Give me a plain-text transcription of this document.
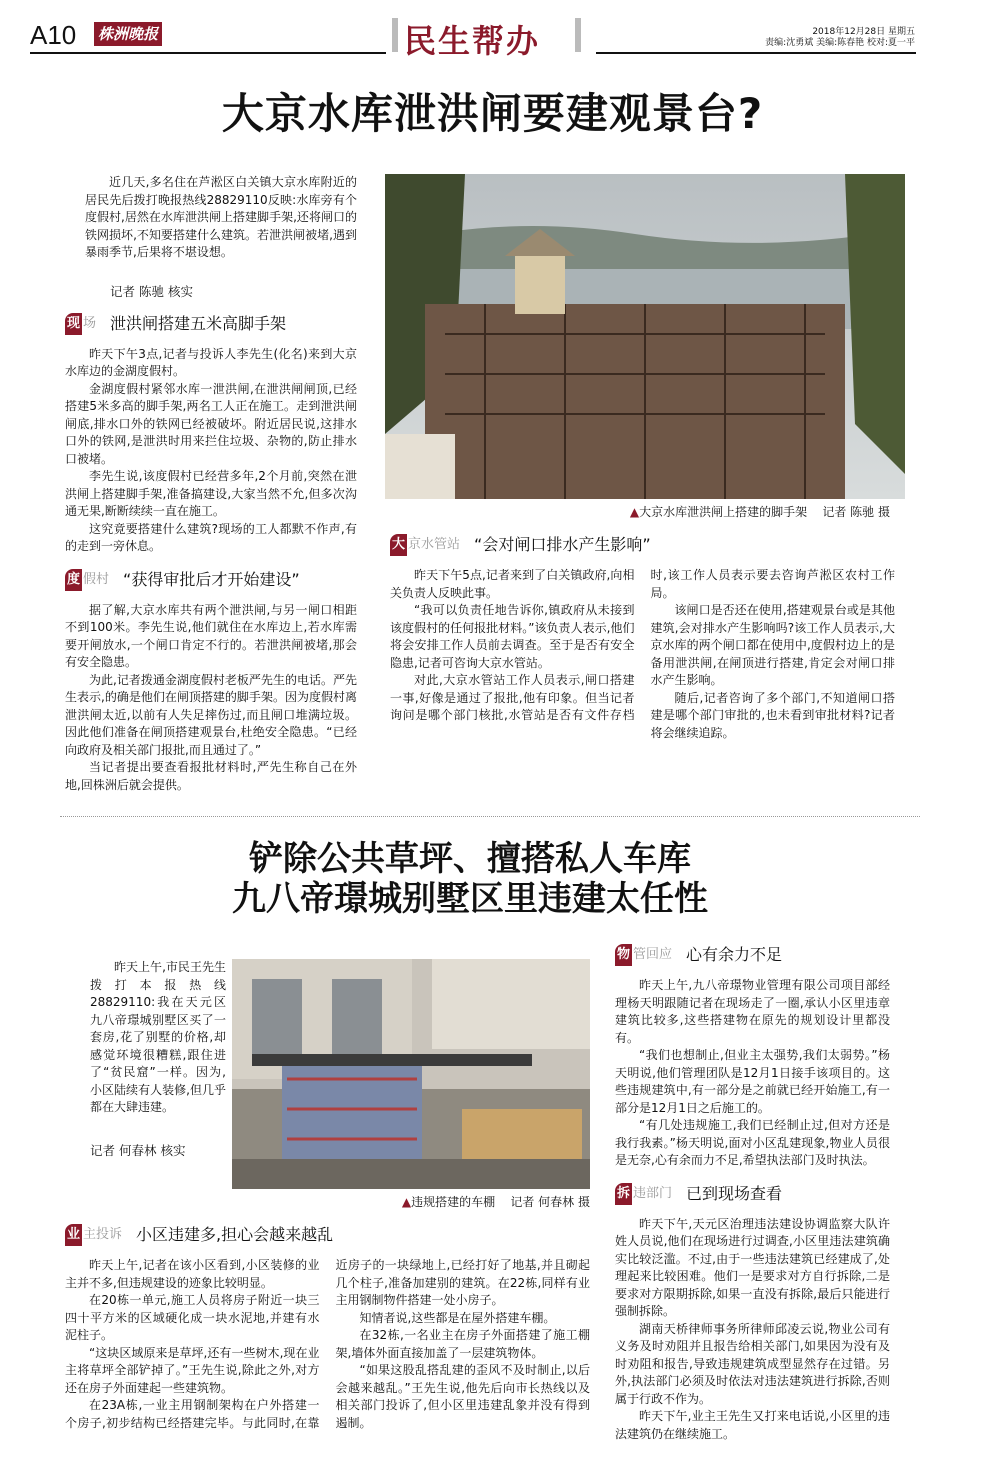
A10 株洲晚报	民生帮办	2018年12月28日 星期五
责编:沈勇斌 美编:陈春艳 校对:夏一平
大京水库泄洪闸要建观景台?

近几天,多名住在芦淞区白关镇大京水库附近的居民先后拨打晚报热线28829110反映:水库旁有个度假村,居然在水库泄洪闸上搭建脚手架,还将闸口的铁网损坏,不知要搭建什么建筑。若泄洪闸被堵,遇到暴雨季节,后果将不堪设想。

记者 陈驰 核实
现 场 泄洪闸搭建五米高脚手架

昨天下午3点,记者与投诉人李先生(化名)来到大京水库边的金湖度假村。

金湖度假村紧邻水库一泄洪闸,在泄洪闸闸顶,已经搭建5米多高的脚手架,两名工人正在施工。走到泄洪闸闸底,排水口外的铁网已经被破坏。附近居民说,这排水口外的铁网,是泄洪时用来拦住垃圾、杂物的,防止排水口被堵。

李先生说,该度假村已经营多年,2个月前,突然在泄洪闸上搭建脚手架,准备搞建设,大家当然不允,但多次沟通无果,断断续续一直在施工。

这究竟要搭建什么建筑?现场的工人都默不作声,有的走到一旁休息。

度 假村 “获得审批后才开始建设”

据了解,大京水库共有两个泄洪闸,与另一闸口相距不到100米。李先生说,他们就住在水库边上,若水库需要开闸放水,一个闸口肯定不行的。若泄洪闸被堵,那会有安全隐患。

为此,记者拨通金湖度假村老板严先生的电话。严先生表示,的确是他们在闸顶搭建的脚手架。因为度假村离泄洪闸太近,以前有人失足摔伤过,而且闸口堆满垃圾。因此他们准备在闸顶搭建观景台,杜绝安全隐患。“已经向政府及相关部门报批,而且通过了。”

当记者提出要查看报批材料时,严先生称自己在外地,回株洲后就会提供。

▲大京水库泄洪闸上搭建的脚手架 记者 陈驰 摄
大 京水管站 “会对闸口排水产生影响”

昨天下午5点,记者来到了白关镇政府,向相关负责人反映此事。

“我可以负责任地告诉你,镇政府从未接到该度假村的任何报批材料。”该负责人表示,他们将会安排工作人员前去调查。至于是否有安全隐患,记者可咨询大京水管站。

对此,大京水管站工作人员表示,闸口搭建一事,好像是通过了报批,他有印象。但当记者询问是哪个部门核批,水管站是否有文件存档时,该工作人员表示要去咨询芦淞区农村工作局。

该闸口是否还在使用,搭建观景台或是其他建筑,会对排水产生影响吗?该工作人员表示,大京水库的两个闸口都在使用中,度假村边上的是备用泄洪闸,在闸顶进行搭建,肯定会对闸口排水产生影响。

随后,记者咨询了多个部门,不知道闸口搭建是哪个部门审批的,也未看到审批材料?记者将会继续追踪。

铲除公共草坪、擅搭私人车库
九八帝璟城别墅区里违建太任性

昨天上午,市民王先生拨打本报热线28829110:我在天元区九八帝璟城别墅区买了一套房,花了别墅的价格,却感觉环境很糟糕,跟住进了“贫民窟”一样。因为,小区陆续有人装修,但几乎都在大肆违建。

记者 何春林 核实
▲违规搭建的车棚 记者 何春林 摄
业 主投诉 小区违建多,担心会越来越乱

昨天上午,记者在该小区看到,小区装修的业主并不多,但违规建设的迹象比较明显。

在20栋一单元,施工人员将房子附近一块三四十平方米的区域硬化成一块水泥地,并建有水泥柱子。

“这块区域原来是草坪,还有一些树木,现在业主将草坪全部铲掉了。”王先生说,除此之外,对方还在房子外面建起一些建筑物。

在23A栋,一业主用钢制架构在户外搭建一个房子,初步结构已经搭建完毕。与此同时,在靠近房子的一块绿地上,已经打好了地基,并且砌起几个柱子,准备加建别的建筑。在22栋,同样有业主用钢制物件搭建一处小房子。

知情者说,这些都是在屋外搭建车棚。

在32栋,一名业主在房子外面搭建了施工棚架,墙体外面直接加盖了一层建筑物体。

“如果这股乱搭乱建的歪风不及时制止,以后会越来越乱。”王先生说,他先后向市长热线以及相关部门投诉了,但小区里违建乱象并没有得到遏制。

物 管回应 心有余力不足

昨天上午,九八帝璟物业管理有限公司项目部经理杨天明跟随记者在现场走了一圈,承认小区里违章建筑比较多,这些搭建物在原先的规划设计里都没有。

“我们也想制止,但业主太强势,我们太弱势。”杨天明说,他们管理团队是12月1日接手该项目的。这些违规建筑中,有一部分是之前就已经开始施工,有一部分是12月1日之后施工的。

“有几处违规施工,我们已经制止过,但对方还是我行我素。”杨天明说,面对小区乱建现象,物业人员很是无奈,心有余而力不足,希望执法部门及时执法。

拆 违部门 已到现场查看

昨天下午,天元区治理违法建设协调监察大队许姓人员说,他们在现场进行过调查,小区里违法建筑确实比较泛滥。不过,由于一些违法建筑已经建成了,处理起来比较困难。他们一是要求对方自行拆除,二是要求对方限期拆除,如果一直没有拆除,最后只能进行强制拆除。

湖南天桥律师事务所律师邱凌云说,物业公司有义务及时劝阻并且报告给相关部门,如果因为没有及时劝阻和报告,导致违规建筑成型显然存在过错。另外,执法部门必须及时依法对违法建筑进行拆除,否则属于行政不作为。

昨天下午,业主王先生又打来电话说,小区里的违法建筑仍在继续施工。
